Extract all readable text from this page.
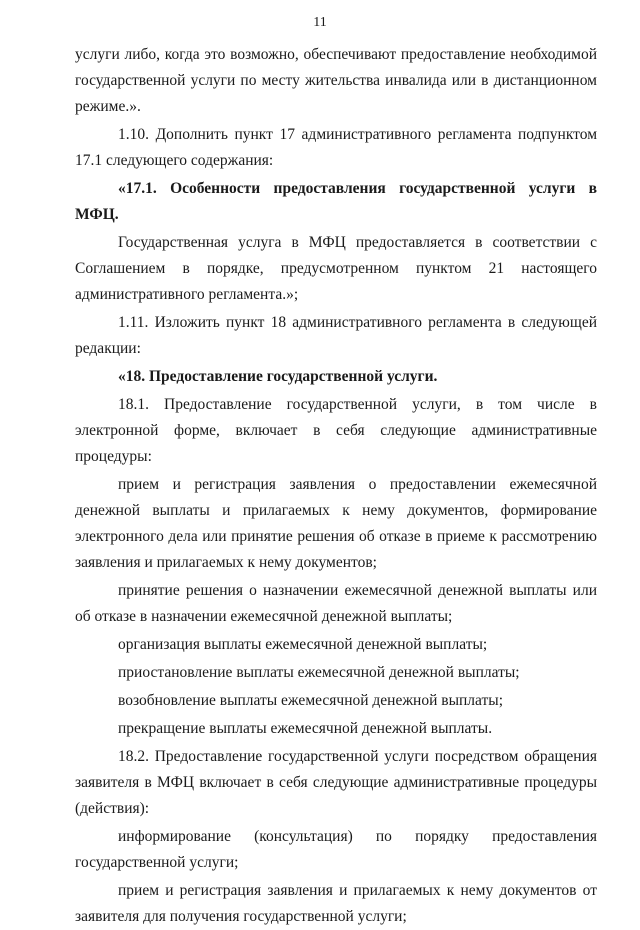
11

услуги либо, когда это возможно, обеспечивают предоставление необходимой государственной услуги по месту жительства инвалида или в дистанционном режиме.».

1.10. Дополнить пункт 17 административного регламента подпунктом 17.1 следующего содержания:

«17.1. Особенности предоставления государственной услуги в МФЦ.

Государственная услуга в МФЦ предоставляется в соответствии с Соглашением в порядке, предусмотренном пунктом 21 настоящего административного регламента.»;

1.11. Изложить пункт 18 административного регламента в следующей редакции:

«18. Предоставление государственной услуги.

18.1. Предоставление государственной услуги, в том числе в электронной форме, включает в себя следующие административные процедуры:

прием и регистрация заявления о предоставлении ежемесячной денежной выплаты и прилагаемых к нему документов, формирование электронного дела или принятие решения об отказе в приеме к рассмотрению заявления и прилагаемых к нему документов;

принятие решения о назначении ежемесячной денежной выплаты или об отказе в назначении ежемесячной денежной выплаты;

организация выплаты ежемесячной денежной выплаты;

приостановление выплаты ежемесячной денежной выплаты;

возобновление выплаты ежемесячной денежной выплаты;

прекращение выплаты ежемесячной денежной выплаты.

18.2. Предоставление государственной услуги посредством обращения заявителя в МФЦ включает в себя следующие административные процедуры (действия):

информирование (консультация) по порядку предоставления государственной услуги;

прием и регистрация заявления и прилагаемых к нему документов от заявителя для получения государственной услуги;
